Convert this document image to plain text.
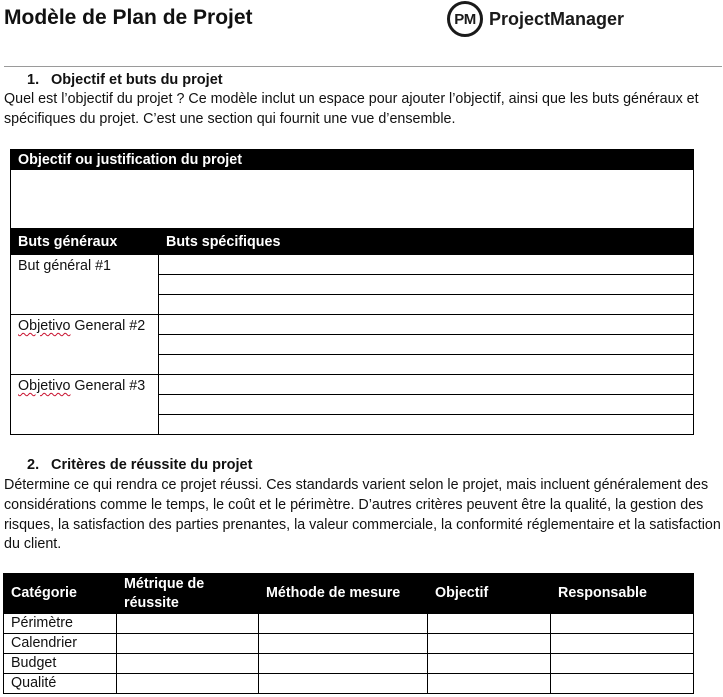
Modèle de Plan de Projet	PM ProjectManager
1. Objectif et buts du projet
Quel est l’objectif du projet ? Ce modèle inclut un espace pour ajouter l’objectif, ainsi que les buts généraux et spécifiques du projet. C’est une section qui fournit une vue d’ensemble.
Objectif ou justification du projet	

Buts généraux	Buts spécifiques
But général #1	

Objetivo General #2	

Objetivo General #3	

2. Critères de réussite du projet
Détermine ce qui rendra ce projet réussi. Ces standards varient selon le projet, mais incluent généralement des considérations comme le temps, le coût et le périmètre. D’autres critères peuvent être la qualité, la gestion des risques, la satisfaction des parties prenantes, la valeur commerciale, la conformité réglementaire et la satisfaction du client.
Catégorie	Métrique de réussite	Méthode de mesure	Objectif	Responsable
Périmètre				
Calendrier				
Budget				
Qualité				
